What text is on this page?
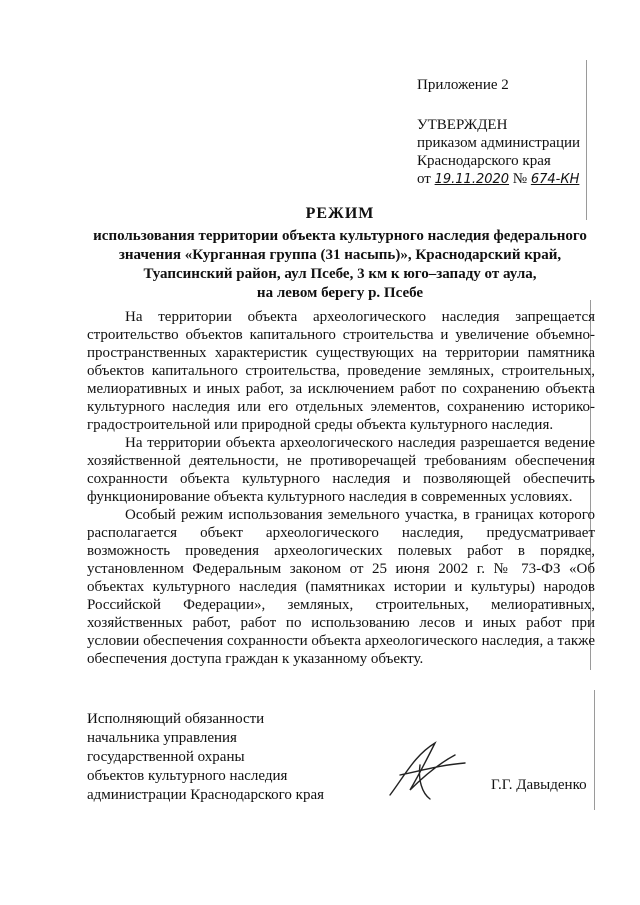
Приложение 2
УТВЕРЖДЕН
приказом администрации
Краснодарского края
от 19.11.2020 № 674-КН
РЕЖИМ
использования территории объекта культурного наследия федерального
значения «Курганная группа (31 насыпь)», Краснодарский край,
Туапсинский район, аул Псебе, 3 км к юго–западу от аула,
на левом берегу р. Псебе

На территории объекта археологического наследия запрещается строительство объектов капитального строительства и увеличение объемно-пространственных характеристик существующих на территории памятника объектов капитального строительства, проведение земляных, строительных, мелиоративных и иных работ, за исключением работ по сохранению объекта культурного наследия или его отдельных элементов, сохранению историко-градостроительной или природной среды объекта культурного наследия.

На территории объекта археологического наследия разрешается ведение хозяйственной деятельности, не противоречащей требованиям обеспечения сохранности объекта культурного наследия и позволяющей обеспечить функционирование объекта культурного наследия в современных условиях.

Особый режим использования земельного участка, в границах которого располагается объект археологического наследия, предусматривает возможность проведения археологических полевых работ в порядке, установленном Федеральным законом от 25 июня 2002 г. № 73-ФЗ «Об объектах культурного наследия (памятниках истории и культуры) народов Российской Федерации», земляных, строительных, мелиоративных, хозяйственных работ, работ по использованию лесов и иных работ при условии обеспечения сохранности объекта археологического наследия, а также обеспечения доступа граждан к указанному объекту.

Исполняющий обязанности
начальника управления
государственной охраны
объектов культурного наследия
администрации Краснодарского края
Г.Г. Давыденко
